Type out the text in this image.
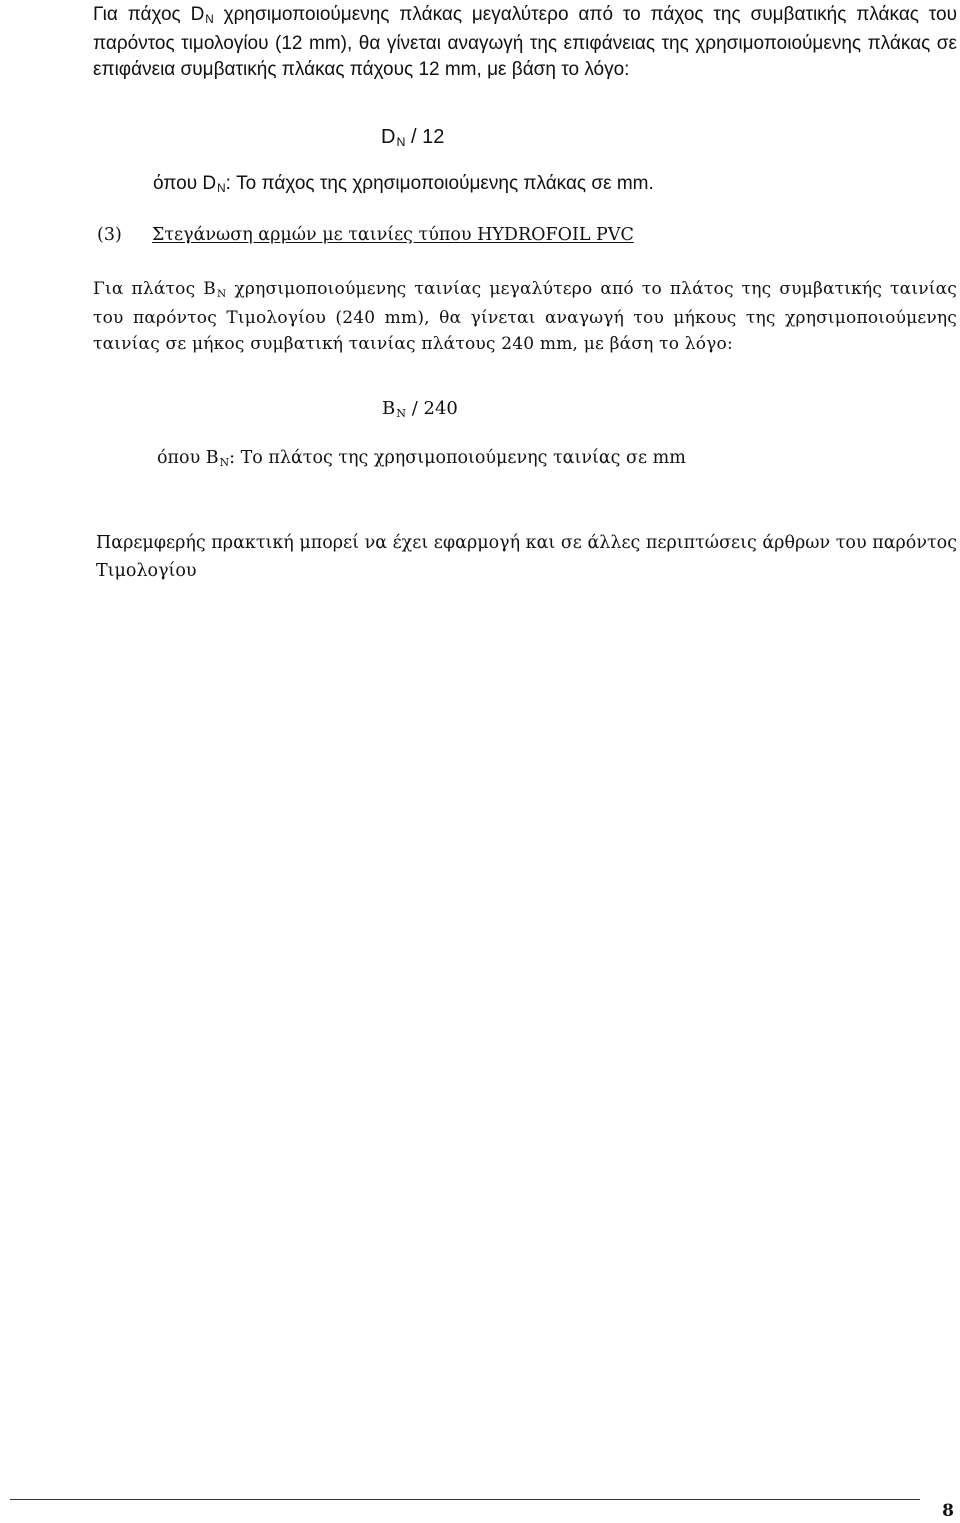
Για πάχος DN χρησιμοποιούμενης πλάκας μεγαλύτερο από το πάχος της συμβατικής πλάκας του παρόντος τιμολογίου (12 mm), θα γίνεται αναγωγή της επιφάνειας της χρησιμοποιούμενης πλάκας σε επιφάνεια συμβατικής πλάκας πάχους 12 mm, με βάση το λόγο:

DN / 12
όπου DN: Το πάχος της χρησιμοποιούμενης πλάκας σε mm.
(3) Στεγάνωση αρμών με ταινίες τύπου HYDROFOIL PVC

Για πλάτος BN χρησιμοποιούμενης ταινίας μεγαλύτερο από το πλάτος της συμβατικής ταινίας του παρόντος Τιμολογίου (240 mm), θα γίνεται αναγωγή του μήκους της χρησιμοποιούμενης ταινίας σε μήκος συμβατική ταινίας πλάτους 240 mm, με βάση το λόγο:

BN / 240
όπου BN: Το πλάτος της χρησιμοποιούμενης ταινίας σε mm

Παρεμφερής πρακτική μπορεί να έχει εφαρμογή και σε άλλες περιπτώσεις άρθρων του παρόντος Τιμολογίου

8
